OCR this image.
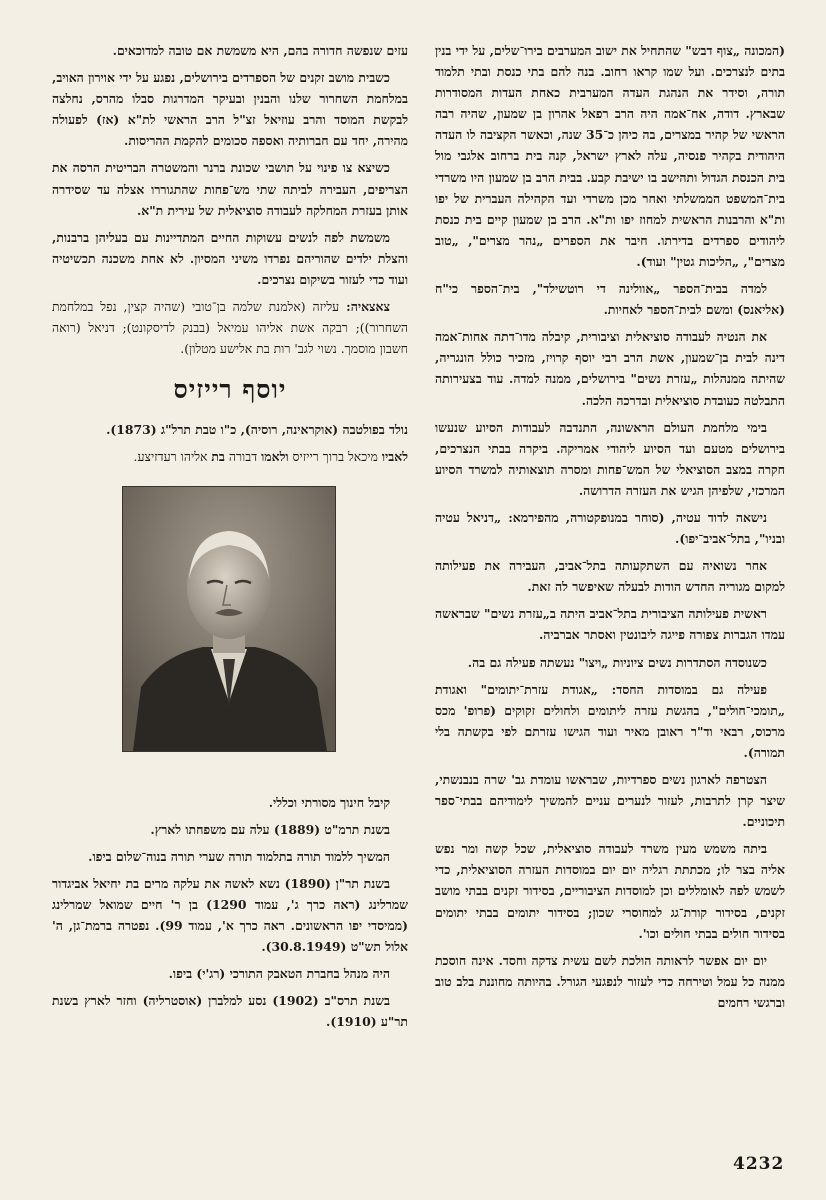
(המכונה „צוף דבש" שהתחיל את ישוב המערבים בירו־שלים, על ידי בנין בתים לנצרכים. ועל שמו קראו רחוב. בנה להם בתי כנסת ובתי תלמוד תורה, וסידר את הנהגת העדה המערבית כאחת העדות המסודרות שבארץ. דודה, אח־אמה היה הרב רפאל אהרון בן שמעון, שהיה רבה הראשי של קהיר במצרים, בה כיהן כ־35 שנה, וכאשר הקציבה לו העדה היהודית בקהיר פנסיה, עלה לארץ ישראל, קנה בית ברחוב אלגבי מול בית הכנסת הגדול ותהישב בו ישיבת קבע. בבית הרב בן שמעון היו משרדי בית־המשפט הממשלתי ואחר מכן משרדי ועד הקהילה העברית של יפו ות"א והרבנות הראשית למחוז יפו ות"א. הרב בן שמעון קיים בית כנסת ליהודים ספרדים בדירתו. חיבר את הספרים „נהר מצרים", „טוב מצרים", „הליכות גטין" ועוד).

למדה בבית־הספר „אוולינה די רוטשילד", בית־הספר כי"ח (אליאנס) ומשם לבית־הספר לאחיות.

את הנטיה לעבודה סוציאלית וציבורית, קיבלה מדו־דתה אחות־אמה דינה לבית בן־שמעון, אשת הרב רבי יוסף קרויז, מזכיר כולל הונגריה, שהיתה ממנהלות „עזרת נשים" בירושלים, ממנה למדה. עוד בצעירותה התבלטה כעובדת סוציאלית ובדרכה הלכה.

בימי מלחמת העולם הראשונה, התנדבה לעבודות הסיוע שנעשו בירושלים מטעם ועד הסיוע ליהודי אמריקה. ביקרה בבתי הנצרכים, חקרה במצב הסוציאלי של המש־פחות ומסרה תוצאותיה למשרד הסיוע המרכזי, שלפיהן הגיש את העזרה הדרושה.

נישאה לדוד עטיה, (סוחר במנופקטורה, מהפירמא: „דניאל עטיה ובניו", בתל־אביב־יפו).

אחר נשואיה עם השתקעותה בתל־אביב, העבירה את פעילותה למקום מגוריה החדש הודות לבעלה שאיפשר לה זאת.

ראשית פעילותה הציבורית בתל־אביב היתה ב„עזרת נשים" שבראשה עמדו הגברות צפורה פייגה ליבונטין ואסתר אברביה.

כשנוסדה הסתדרות נשים ציוניות „ויצו" נעשתה פעילה גם בה.

פעילה גם במוסדות החסד: „אגודת עזרת־יתומים" ואגודת „תומכי־חולים", בהגשת עזרה ליתומים ולחולים זקוקים (פרופ' מכס מרכוס, רבאי וד"ר ראובן מאיר ועוד הגישו עזרתם לפי בקשתה בלי תמורה).

הצטרפה לארגון נשים ספרדיות, שבראשו עומדת גב' שרה בנבנשתי, שיצר קרן לתרבות, לעזור לנערים עניים להמשיך לימודיהם בבתי־ספר תיכוניים.

ביתה משמש מעין משרד לעבודה סוציאלית, שכל קשה ומר נפש אליה בצר לו; מכתתת רגליה יום יום במוסדות העזרה הסוציאלית, כדי לשמש לפה לאומללים וכן למוסדות הציבוריים, בסידור זקנים בבתי מושב זקנים, בסידור קורת־גג למחוסרי שכון; בסידור יתומים בבתי יתומים בסידור חולים בבתי חולים וכו'.

יום יום אפשר לראותה הולכת לשם עשית צדקה וחסד. אינה חוסכת ממנה כל עמל וטירחה כדי לעזור לנפגעי הגורל. בהיותה מחוננת בלב טוב וברגשי רחמים

עזים שנפשה חדורה בהם, היא משמשת אם טובה למדוכאים.

כשבית מושב זקנים של הספרדים בירושלים, נפגע על ידי אוירון האויב, במלחמת השחרור שלנו והבנין ובעיקר המדרגות סבלו מהרס, נחלצה לבקשת המוסד והרב עוזיאל זצ"ל הרב הראשי לת"א (אז) לפעולה מהירה, יחד עם חברותיה ואספה סכומים להקמת ההריסות.

כשיצא צו פינוי על תושבי שכונת ברנר והמשטרה הבריטית הרסה את הצריפים, העבירה לביתה שתי מש־פחות שהתגוררו אצלה עד שסידרה אותן בעזרת המחלקה לעבודה סוציאלית של עירית ת"א.

משמשת לפה לנשים עשוקות החיים המתדיינות עם בעליהן ברבנות, והצלת ילדים שהוריהם נפרדו משיני המסיון. לא אחת משכנה תכשיטיה ועוד כדי לעזור בשיקום נצרכים.

צאצאיה: עליזה (אלמנת שלמה בן־טובי (שהיה קצין, נפל במלחמת השחרור)); רבקה אשת אליהו עמיאל (בבנק לדיסקונט); דניאל (רואה חשבון מוסמך. נשוי לגב' רות בת אלישע מטלון).

יוסף רייזיס

נולד בפולטבה (אוקראינה, רוסיה), כ"ו טבת תרל"ג (1873).

לאביו מיכאל ברוך רייזיס ולאמו דבורה בת אליהו רעדזיצע.

קיבל חינוך מסורתי וכללי.

בשנת תרמ"ט (1889) עלה עם משפחתו לארץ.

המשיך ללמוד תורה בתלמוד תורה שערי תורה בנוה־שלום ביפו.

בשנת תר"ן (1890) נשא לאשה את עלקה מרים בת יחיאל אביגדור שמרלינג (ראה כרך ג', עמוד 1290) בן ר' חיים שמואל שמרלינג (ממיסדי יפו הראשונים. ראה כרך א', עמוד 99). נפטרה ברמת־גן, ה' אלול תש"ט (30.8.1949).

היה מנהל בחברת הטאבק התורכי (רג'י) ביפו.

בשנת תרס"ב (1902) נסע למלברן (אוסטרליה) וחזר לארץ בשנת תר"ע (1910).

4232
